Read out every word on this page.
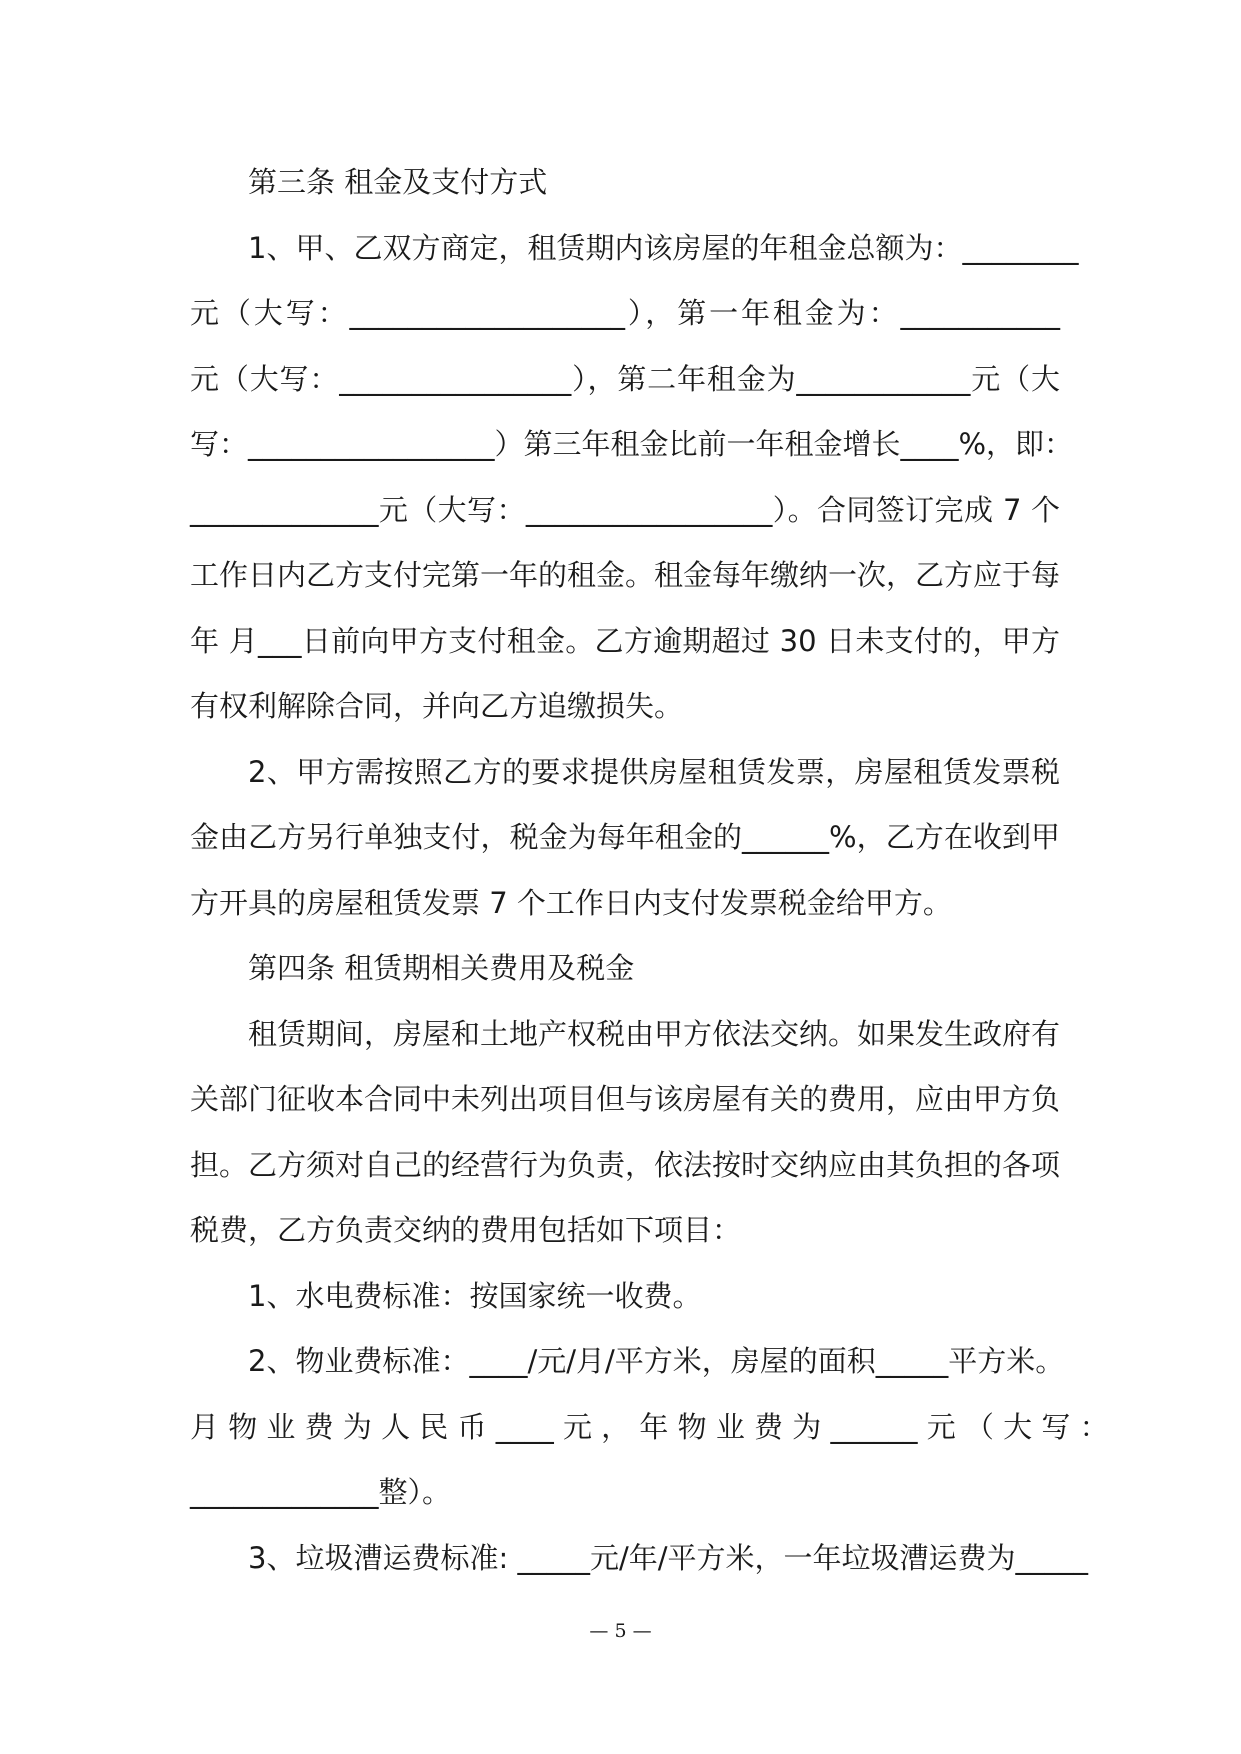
第三条 租金及支付方式
1、甲、乙双方商定，租赁期内该房屋的年租金总额为：________
元（大写：___________________），第一年租金为：___________
元（大写：________________），第二年租金为____________元（大
写：_________________）第三年租金比前一年租金增长____%，即：
_____________元（大写：_________________）。合同签订完成 7 个
工作日内乙方支付完第一年的租金。租金每年缴纳一次，乙方应于每
年 月___日前向甲方支付租金。乙方逾期超过 30 日未支付的，甲方
有权利解除合同，并向乙方追缴损失。
2、甲方需按照乙方的要求提供房屋租赁发票，房屋租赁发票税
金由乙方另行单独支付，税金为每年租金的______%，乙方在收到甲
方开具的房屋租赁发票 7 个工作日内支付发票税金给甲方。
第四条 租赁期相关费用及税金
租赁期间，房屋和土地产权税由甲方依法交纳。如果发生政府有
关部门征收本合同中未列出项目但与该房屋有关的费用，应由甲方负
担。乙方须对自己的经营行为负责，依法按时交纳应由其负担的各项
税费，乙方负责交纳的费用包括如下项目：
1、水电费标准：按国家统一收费。
2、物业费标准：____/元/月/平方米，房屋的面积_____平方米。
月 物 业 费 为 人 民 币 ____ 元 ， 年 物 业 费 为 ______ 元 （ 大 写 ：
_____________整）。
3、垃圾漕运费标准: _____元/年/平方米，一年垃圾漕运费为_____
— 5 —
